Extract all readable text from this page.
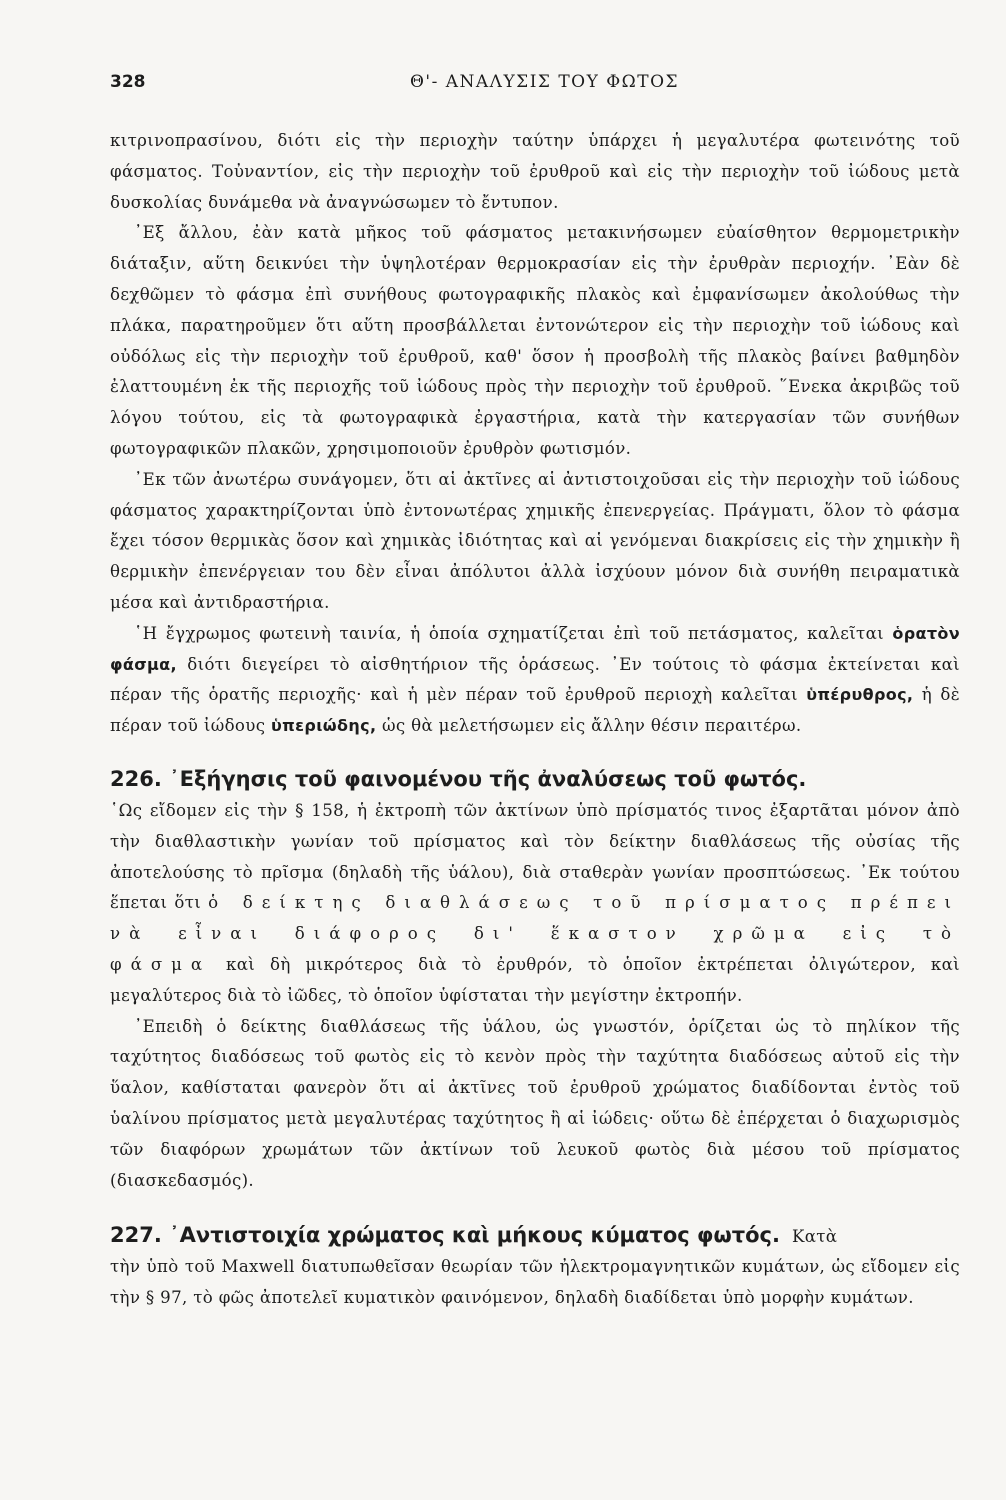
328	Θ'- ΑΝΑΛΥΣΙΣ ΤΟΥ ΦΩΤΟΣ

κιτρινοπρασίνου, διότι εἰς τὴν περιοχὴν ταύτην ὑπάρχει ἡ μεγαλυτέρα φωτεινότης τοῦ φάσματος. Τοὐναντίον, εἰς τὴν περιοχὴν τοῦ ἐρυθροῦ καὶ εἰς τὴν περιοχὴν τοῦ ἰώδους μετὰ δυσκολίας δυνάμεθα νὰ ἀναγνώσωμεν τὸ ἔντυπον.

᾿Εξ ἄλλου, ἐὰν κατὰ μῆκος τοῦ φάσματος μετακινήσωμεν εὐαίσθητον θερμομετρικὴν διάταξιν, αὕτη δεικνύει τὴν ὑψηλοτέραν θερμοκρασίαν εἰς τὴν ἐρυθρὰν περιοχήν. ᾿Εὰν δὲ δεχθῶμεν τὸ φάσμα ἐπὶ συνήθους φωτογραφικῆς πλακὸς καὶ ἐμφανίσωμεν ἀκολούθως τὴν πλάκα, παρατηροῦμεν ὅτι αὕτη προσβάλλεται ἐντονώτερον εἰς τὴν περιοχὴν τοῦ ἰώδους καὶ οὐδόλως εἰς τὴν περιοχὴν τοῦ ἐρυθροῦ, καθ' ὅσον ἡ προσβολὴ τῆς πλακὸς βαίνει βαθμηδὸν ἐλαττουμένη ἐκ τῆς περιοχῆς τοῦ ἰώδους πρὸς τὴν περιοχὴν τοῦ ἐρυθροῦ. ῞Ενεκα ἀκριβῶς τοῦ λόγου τούτου, εἰς τὰ φωτογραφικὰ ἐργαστήρια, κατὰ τὴν κατεργασίαν τῶν συνήθων φωτογραφικῶν πλακῶν, χρησιμοποιοῦν ἐρυθρὸν φωτισμόν.

᾿Εκ τῶν ἀνωτέρω συνάγομεν, ὅτι αἱ ἀκτῖνες αἱ ἀντιστοιχοῦσαι εἰς τὴν περιοχὴν τοῦ ἰώδους φάσματος χαρακτηρίζονται ὑπὸ ἐντονωτέρας χημικῆς ἐπενεργείας. Πράγματι, ὅλον τὸ φάσμα ἔχει τόσον θερμικὰς ὅσον καὶ χημικὰς ἰδιότητας καὶ αἱ γενόμεναι διακρίσεις εἰς τὴν χημικὴν ἢ θερμικὴν ἐπενέργειαν του δὲν εἶναι ἀπόλυτοι ἀλλὰ ἰσχύουν μόνον διὰ συνήθη πειραματικὰ μέσα καὶ ἀντιδραστήρια.

῾Η ἔγχρωμος φωτεινὴ ταινία, ἡ ὁποία σχηματίζεται ἐπὶ τοῦ πετάσματος, καλεῖται ὁρατὸν φάσμα, διότι διεγείρει τὸ αἰσθητήριον τῆς ὁράσεως. ᾿Εν τούτοις τὸ φάσμα ἐκτείνεται καὶ πέραν τῆς ὁρατῆς περιοχῆς· καὶ ἡ μὲν πέραν τοῦ ἐρυθροῦ περιοχὴ καλεῖται ὑπέρυθρος, ἡ δὲ πέραν τοῦ ἰώδους ὑπεριώδης, ὡς θὰ μελετήσωμεν εἰς ἄλλην θέσιν περαιτέρω.

226. ᾿Εξήγησις τοῦ φαινομένου τῆς ἀναλύσεως τοῦ φωτός.

῾Ως εἴδομεν εἰς τὴν § 158, ἡ ἐκτροπὴ τῶν ἀκτίνων ὑπὸ πρίσματός τινος ἐξαρτᾶται μόνον ἀπὸ τὴν διαθλαστικὴν γωνίαν τοῦ πρίσματος καὶ τὸν δείκτην διαθλάσεως τῆς οὐσίας τῆς ἀποτελούσης τὸ πρῖσμα (δηλαδὴ τῆς ὑάλου), διὰ σταθερὰν γωνίαν προσπτώσεως. ᾿Εκ τούτου ἕπεται ὅτι ὁ δείκτης διαθλάσεως τοῦ πρίσματος πρέπει νὰ εἶναι διάφορος δι' ἕκαστον χρῶμα εἰς τὸ φάσμα καὶ δὴ μικρότερος διὰ τὸ ἐρυθρόν, τὸ ὁποῖον ἐκτρέπεται ὀλιγώτερον, καὶ μεγαλύτερος διὰ τὸ ἰῶδες, τὸ ὁποῖον ὑφίσταται τὴν μεγίστην ἐκτροπήν.

᾿Επειδὴ ὁ δείκτης διαθλάσεως τῆς ὑάλου, ὡς γνωστόν, ὁρίζεται ὡς τὸ πηλίκον τῆς ταχύτητος διαδόσεως τοῦ φωτὸς εἰς τὸ κενὸν πρὸς τὴν ταχύτητα διαδόσεως αὐτοῦ εἰς τὴν ὕαλον, καθίσταται φανερὸν ὅτι αἱ ἀκτῖνες τοῦ ἐρυθροῦ χρώματος διαδίδονται ἐντὸς τοῦ ὑαλίνου πρίσματος μετὰ μεγαλυτέρας ταχύτητος ἢ αἱ ἰώδεις· οὕτω δὲ ἐπέρχεται ὁ διαχωρισμὸς τῶν διαφόρων χρωμάτων τῶν ἀκτίνων τοῦ λευκοῦ φωτὸς διὰ μέσου τοῦ πρίσματος (διασκεδασμός).

227. ᾿Αντιστοιχία χρώματος καὶ μήκους κύματος φωτός. Κατὰ

τὴν ὑπὸ τοῦ Maxwell διατυπωθεῖσαν θεωρίαν τῶν ἠλεκτρομαγνητικῶν κυμάτων, ὡς εἴδομεν εἰς τὴν § 97, τὸ φῶς ἀποτελεῖ κυματικὸν φαινόμενον, δηλαδὴ διαδίδεται ὑπὸ μορφὴν κυμάτων.
